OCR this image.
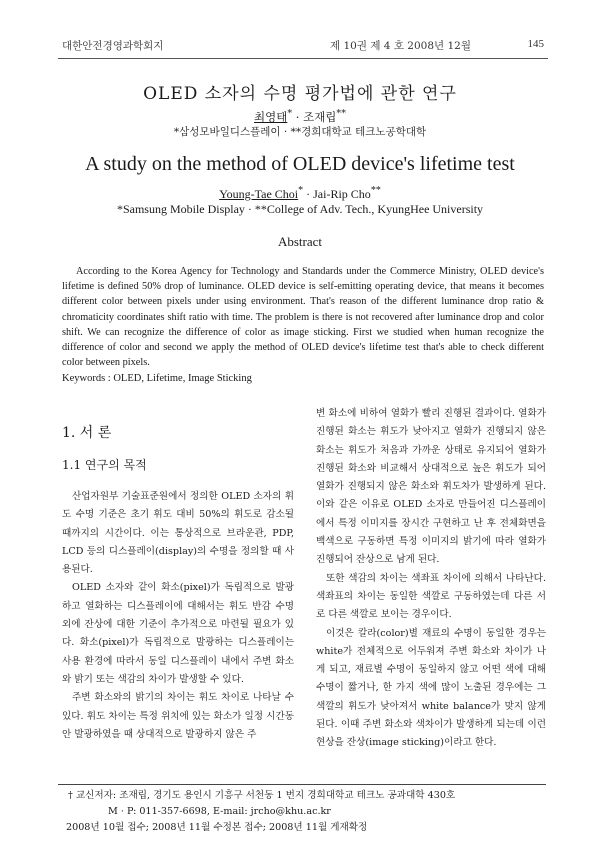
대한안전경영과학회지	제 10권 제 4 호 2008년 12월	145
OLED 소자의 수명 평가법에 관한 연구
최영태* · 조재립**
*삼성모바일디스플레이 · **경희대학교 테크노공학대학
A study on the method of OLED device's lifetime test
Young-Tae Choi* · Jai-Rip Cho**
*Samsung Mobile Display · **College of Adv. Tech., KyungHee University
Abstract
According to the Korea Agency for Technology and Standards under the Commerce Ministry, OLED device's lifetime is defined 50% drop of luminance. OLED device is self-emitting operating device, that means it becomes different color between pixels under using environment. That's reason of the different luminance drop ratio & chromaticity coordinates shift ratio with time. The problem is there is not recovered after luminance drop and color shift. We can recognize the difference of color as image sticking. First we studied when human recognize the difference of color and second we apply the method of OLED device's lifetime test that's able to check different color between pixels.
Keywords : OLED, Lifetime, Image Sticking
1. 서 론
1.1 연구의 목적

산업자원부 기술표준원에서 정의한 OLED 소자의 휘도 수명 기준은 초기 휘도 대비 50%의 휘도로 감소될 때까지의 시간이다. 이는 통상적으로 브라운관, PDP, LCD 등의 디스플레이(display)의 수명을 정의할 때 사용된다.

OLED 소자와 같이 화소(pixel)가 독립적으로 발광하고 열화하는 디스플레이에 대해서는 휘도 반감 수명 외에 잔상에 대한 기준이 추가적으로 마련될 필요가 있다. 화소(pixel)가 독립적으로 발광하는 디스플레이는 사용 환경에 따라서 동일 디스플레이 내에서 주변 화소와 밝기 또는 색감의 차이가 발생할 수 있다.

주변 화소와의 밝기의 차이는 휘도 차이로 나타날 수 있다. 휘도 차이는 특정 위치에 있는 화소가 일정 시간동안 발광하였을 때 상대적으로 발광하지 않은 주

변 화소에 비하여 열화가 빨리 진행된 결과이다. 열화가 진행된 화소는 휘도가 낮아지고 열화가 진행되지 않은 화소는 휘도가 처음과 가까운 상태로 유지되어 열화가 진행된 화소와 비교해서 상대적으로 높은 휘도가 되어 열화가 진행되지 않은 화소와 휘도차가 발생하게 된다. 이와 같은 이유로 OLED 소자로 만들어진 디스플레이에서 특정 이미지를 장시간 구현하고 난 후 전체화면을 백색으로 구동하면 특정 이미지의 밝기에 따라 열화가 진행되어 잔상으로 남게 된다.

또한 색감의 차이는 색좌표 차이에 의해서 나타난다. 색좌표의 차이는 동일한 색깔로 구동하였는데 다른 서로 다른 색깔로 보이는 경우이다.

이것은 칼라(color)별 재료의 수명이 동일한 경우는 white가 전체적으로 어두워져 주변 화소와 차이가 나게 되고, 재료별 수명이 동일하지 않고 어떤 색에 대해 수명이 짧거나, 한 가지 색에 많이 노출된 경우에는 그 색깔의 휘도가 낮아져서 white balance가 맞지 않게 된다. 이때 주변 화소와 색차이가 발생하게 되는데 이런 현상을 잔상(image sticking)이라고 한다.

† 교신저자: 조재립, 경기도 용인시 기흥구 서천동 1 번지 경희대학교 테크노 공과대학 430호
M · P: 011-357-6698, E-mail: jrcho@khu.ac.kr
2008년 10월 접수; 2008년 11월 수정본 접수; 2008년 11월 게재확정
